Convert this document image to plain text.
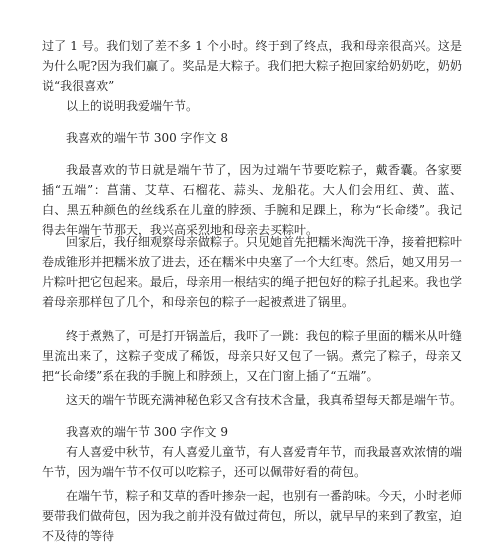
过了 1 号。我们划了差不多 1 个小时。终于到了终点，我和母亲很高兴。这是为什么呢?因为我们赢了。奖品是大粽子。我们把大粽子抱回家给奶奶吃，奶奶说“我很喜欢”
以上的说明我爱端午节。
我喜欢的端午节 300 字作文 8
我最喜欢的节日就是端午节了，因为过端午节要吃粽子，戴香囊。各家要插“五端”：菖蒲、艾草、石榴花、蒜头、龙船花。大人们会用红、黄、蓝、白、黑五种颜色的丝线系在儿童的脖颈、手腕和足踝上，称为“长命缕”。我记得去年端午节那天，我兴高采烈地和母亲去买粽叶。
回家后，我仔细观察母亲做粽子。只见她首先把糯米淘洗干净，接着把粽叶卷成锥形并把糯米放了进去，还在糯米中央塞了一个大红枣。然后，她又用另一片粽叶把它包起来。最后，母亲用一根结实的绳子把包好的粽子扎起来。我也学着母亲那样包了几个，和母亲包的粽子一起被煮进了锅里。
终于煮熟了，可是打开锅盖后，我吓了一跳：我包的粽子里面的糯米从叶缝里流出来了，这粽子变成了稀饭，母亲只好又包了一锅。煮完了粽子，母亲又把“长命缕”系在我的手腕上和脖颈上，又在门窗上插了“五端”。
这天的端午节既充满神秘色彩又含有技术含量，我真希望每天都是端午节。
我喜欢的端午节 300 字作文 9
有人喜爱中秋节，有人喜爱儿童节，有人喜爱青年节，而我最喜欢浓情的端午节，因为端午节不仅可以吃粽子，还可以佩带好看的荷包。
在端午节，粽子和艾草的香叶掺杂一起，也别有一番韵味。今天，小时老师要带我们做荷包，因为我之前并没有做过荷包，所以，就早早的来到了教室，迫不及待的等待
